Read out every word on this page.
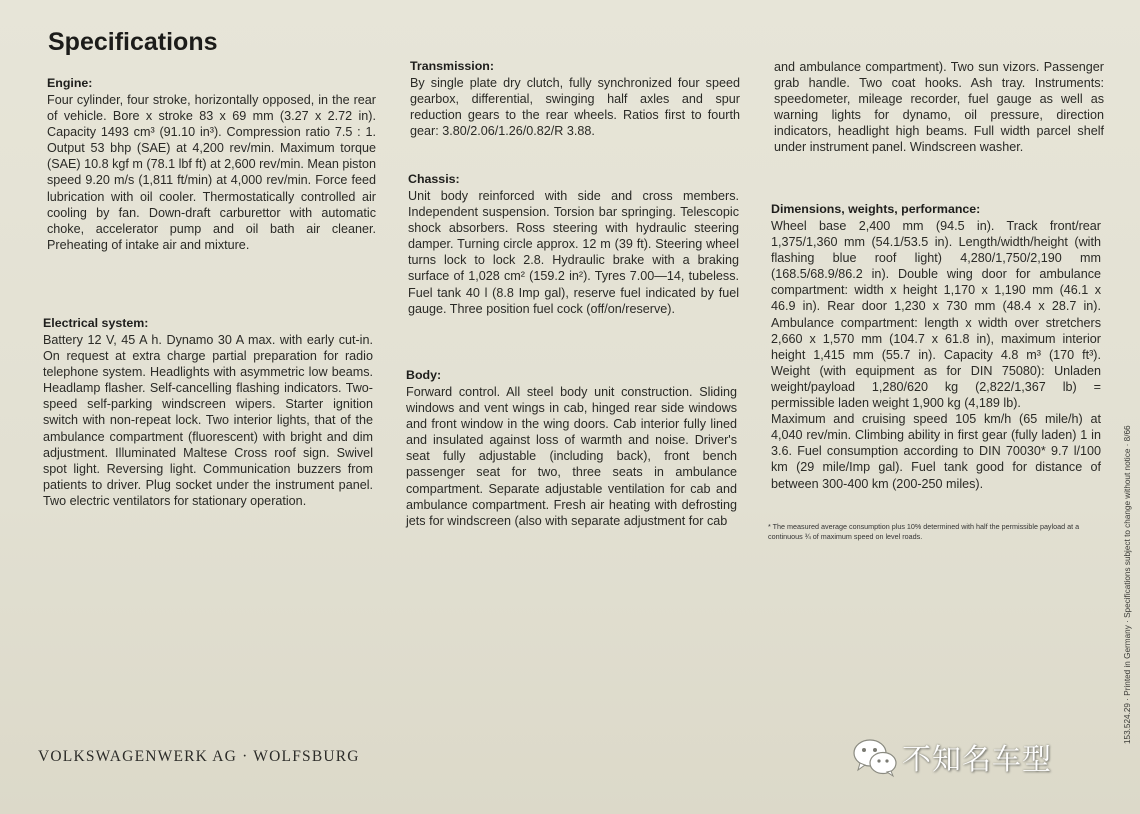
Specifications
Engine:

Four cylinder, four stroke, horizontally opposed, in the rear of vehicle. Bore x stroke 83 x 69 mm (3.27 x 2.72 in). Capacity 1493 cm³ (91.10 in³). Compression ratio 7.5 : 1. Output 53 bhp (SAE) at 4,200 rev/min. Maximum torque (SAE) 10.8 kgf m (78.1 lbf ft) at 2,600 rev/min. Mean piston speed 9.20 m/s (1,811 ft/min) at 4,000 rev/min. Force feed lubrication with oil cooler. Thermostatically controlled air cooling by fan. Down-draft carburettor with automatic choke, accelerator pump and oil bath air cleaner. Preheating of intake air and mixture.

Electrical system:

Battery 12 V, 45 A h. Dynamo 30 A max. with early cut-in. On request at extra charge partial preparation for radio telephone system. Headlights with asymmetric low beams. Headlamp flasher. Self-cancelling flashing indicators. Two-speed self-parking windscreen wipers. Starter ignition switch with non-repeat lock. Two interior lights, that of the ambulance compartment (fluorescent) with bright and dim adjustment. Illuminated Maltese Cross roof sign. Swivel spot light. Reversing light. Communication buzzers from patients to driver. Plug socket under the instrument panel. Two electric ventilators for stationary operation.

Transmission:

By single plate dry clutch, fully synchronized four speed gearbox, differential, swinging half axles and spur reduction gears to the rear wheels. Ratios first to fourth gear: 3.80/2.06/1.26/0.82/R 3.88.

Chassis:

Unit body reinforced with side and cross members. Independent suspension. Torsion bar springing. Telescopic shock absorbers. Ross steering with hydraulic steering damper. Turning circle approx. 12 m (39 ft). Steering wheel turns lock to lock 2.8. Hydraulic brake with a braking surface of 1,028 cm² (159.2 in²). Tyres 7.00—14, tubeless. Fuel tank 40 l (8.8 Imp gal), reserve fuel indicated by fuel gauge. Three position fuel cock (off/on/reserve).

Body:

Forward control. All steel body unit construction. Sliding windows and vent wings in cab, hinged rear side windows and front window in the wing doors. Cab interior fully lined and insulated against loss of warmth and noise. Driver's seat fully adjustable (including back), front bench passenger seat for two, three seats in ambulance compartment. Separate adjustable ventilation for cab and ambulance compartment. Fresh air heating with defrosting jets for windscreen (also with separate adjustment for cab

and ambulance compartment). Two sun vizors. Passenger grab handle. Two coat hooks. Ash tray. Instruments: speedometer, mileage recorder, fuel gauge as well as warning lights for dynamo, oil pressure, direction indicators, headlight high beams. Full width parcel shelf under instrument panel. Windscreen washer.

Dimensions, weights, performance:

Wheel base 2,400 mm (94.5 in). Track front/rear 1,375/1,360 mm (54.1/53.5 in). Length/width/height (with flashing blue roof light) 4,280/1,750/2,190 mm (168.5/68.9/86.2 in). Double wing door for ambulance compartment: width x height 1,170 x 1,190 mm (46.1 x 46.9 in). Rear door 1,230 x 730 mm (48.4 x 28.7 in). Ambulance compartment: length x width over stretchers 2,660 x 1,570 mm (104.7 x 61.8 in), maximum interior height 1,415 mm (55.7 in). Capacity 4.8 m³ (170 ft³). Weight (with equipment as for DIN 75080): Unladen weight/payload 1,280/620 kg (2,822/1,367 lb) = permissible laden weight 1,900 kg (4,189 lb).

Maximum and cruising speed 105 km/h (65 mile/h) at 4,040 rev/min. Climbing ability in first gear (fully laden) 1 in 3.6. Fuel consumption according to DIN 70030* 9.7 l/100 km (29 mile/Imp gal). Fuel tank good for distance of between 300-400 km (200-250 miles).

* The measured average consumption plus 10% determined with half the permissible payload at a continuous ¾ of maximum speed on level roads.	153.524.29 · Printed in Germany · Specifications subject to change without notice · 8/66
VOLKSWAGENWERK AG · WOLFSBURG	不知名车型
